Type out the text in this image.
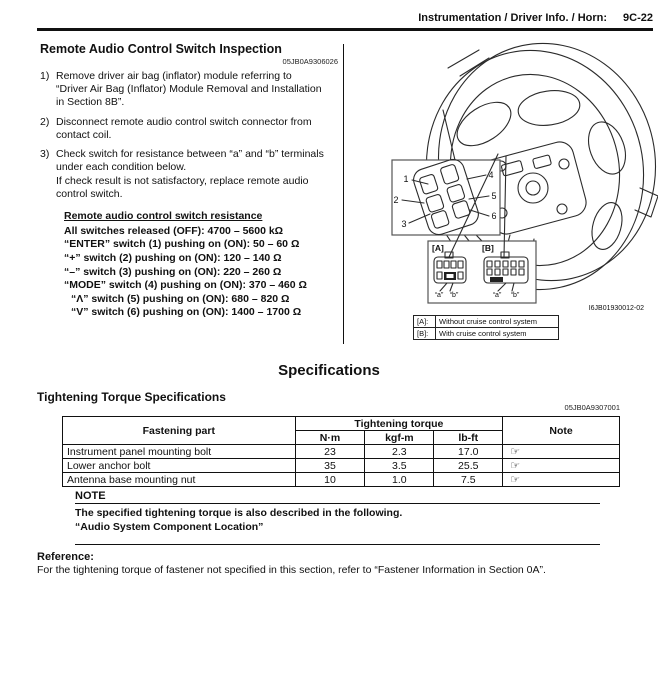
Instrumentation / Driver Info. / Horn: 9C-22
Remote Audio Control Switch Inspection
05JB0A9306026
1) Remove driver air bag (inflator) module referring to “Driver Air Bag (Inflator) Module Removal and Installation in Section 8B”.
2) Disconnect remote audio control switch connector from contact coil.
3) Check switch for resistance between “a” and “b” terminals under each condition below.
If check result is not satisfactory, replace remote audio control switch.
Remote audio control switch resistance
All switches released (OFF): 4700 – 5600 kΩ
“ENTER” switch (1) pushing on (ON): 50 – 60 Ω
“+” switch (2) pushing on (ON): 120 – 140 Ω
“–” switch (3) pushing on (ON): 220 – 260 Ω
“MODE” switch (4) pushing on (ON): 370 – 460 Ω
“Λ” switch (5) pushing on (ON): 680 – 820 Ω
“V” switch (6) pushing on (ON): 1400 – 1700 Ω
1
2
3
4
5
6
[A]	[B]
“a” “b”	“a” “b”
I6JB01930012-02
[A]:	Without cruise control system
[B]:	With cruise control system
Specifications
Tightening Torque Specifications
05JB0A9307001
Fastening part	Tightening torque			Note
	N·m	kgf-m	lb-ft	
Instrument panel mounting bolt	23	2.3	17.0	☞
Lower anchor bolt	35	3.5	25.5	☞
Antenna base mounting nut	10	1.0	7.5	☞
NOTE
The specified tightening torque is also described in the following.
“Audio System Component Location”
Reference:
For the tightening torque of fastener not specified in this section, refer to “Fastener Information in Section 0A”.
